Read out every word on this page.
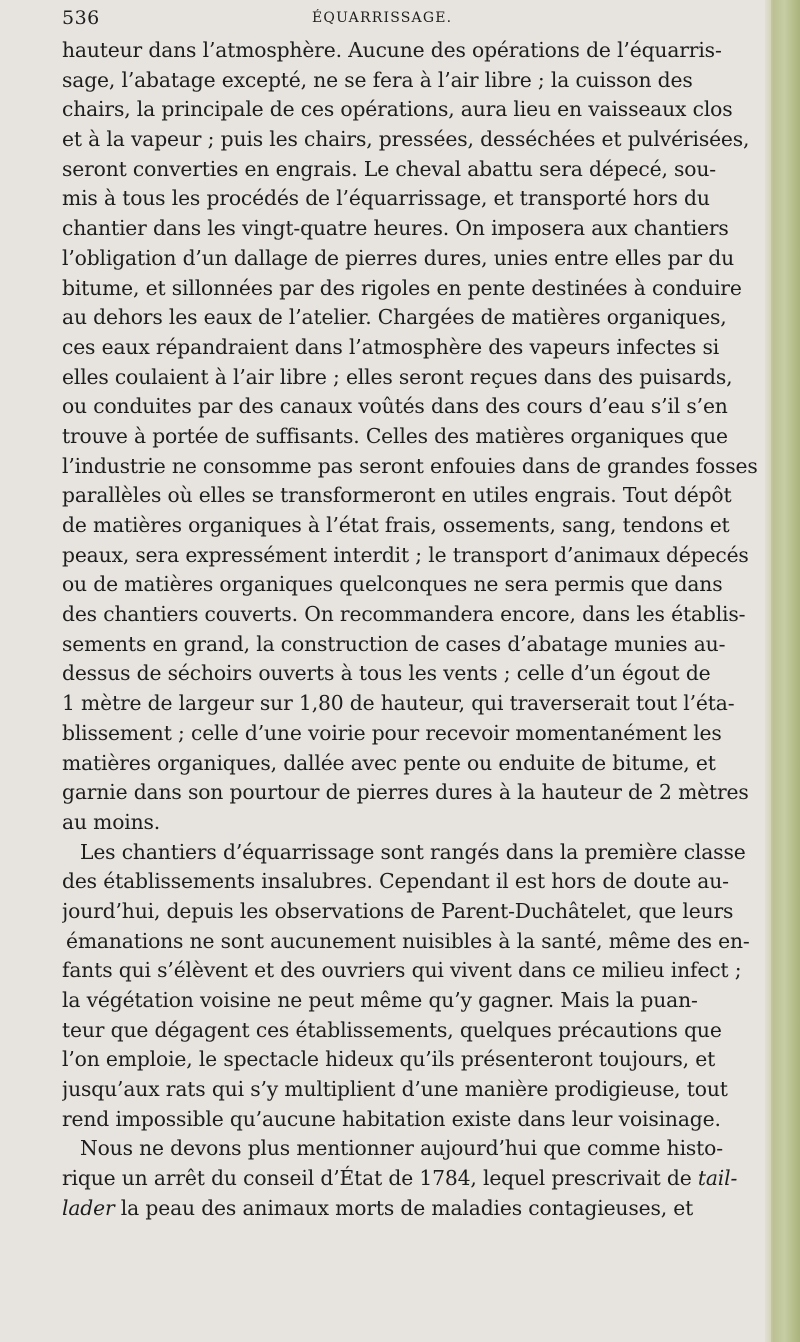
536	ÉQUARRISSAGE.
hauteur dans l’atmosphère. Aucune des opérations de l’équarris-
sage, l’abatage excepté, ne se fera à l’air libre ; la cuisson des
chairs, la principale de ces opérations, aura lieu en vaisseaux clos
et à la vapeur ; puis les chairs, pressées, desséchées et pulvérisées,
seront converties en engrais. Le cheval abattu sera dépecé, sou-
mis à tous les procédés de l’équarrissage, et transporté hors du
chantier dans les vingt-quatre heures. On imposera aux chantiers
l’obligation d’un dallage de pierres dures, unies entre elles par du
bitume, et sillonnées par des rigoles en pente destinées à conduire
au dehors les eaux de l’atelier. Chargées de matières organiques,
ces eaux répandraient dans l’atmosphère des vapeurs infectes si
elles coulaient à l’air libre ; elles seront reçues dans des puisards,
ou conduites par des canaux voûtés dans des cours d’eau s’il s’en
trouve à portée de suffisants. Celles des matières organiques que
l’industrie ne consomme pas seront enfouies dans de grandes fosses
parallèles où elles se transformeront en utiles engrais. Tout dépôt
de matières organiques à l’état frais, ossements, sang, tendons et
peaux, sera expressément interdit ; le transport d’animaux dépecés
ou de matières organiques quelconques ne sera permis que dans
des chantiers couverts. On recommandera encore, dans les établis-
sements en grand, la construction de cases d’abatage munies au-
dessus de séchoirs ouverts à tous les vents ; celle d’un égout de
1 mètre de largeur sur 1,80 de hauteur, qui traverserait tout l’éta-
blissement ; celle d’une voirie pour recevoir momentanément les
matières organiques, dallée avec pente ou enduite de bitume, et
garnie dans son pourtour de pierres dures à la hauteur de 2 mètres
au moins.
Les chantiers d’équarrissage sont rangés dans la première classe
des établissements insalubres. Cependant il est hors de doute au-
jourd’hui, depuis les observations de Parent-Duchâtelet, que leurs
émanations ne sont aucunement nuisibles à la santé, même des en-
fants qui s’élèvent et des ouvriers qui vivent dans ce milieu infect ;
la végétation voisine ne peut même qu’y gagner. Mais la puan-
teur que dégagent ces établissements, quelques précautions que
l’on emploie, le spectacle hideux qu’ils présenteront toujours, et
jusqu’aux rats qui s’y multiplient d’une manière prodigieuse, tout
rend impossible qu’aucune habitation existe dans leur voisinage.
Nous ne devons plus mentionner aujourd’hui que comme histo-
rique un arrêt du conseil d’État de 1784, lequel prescrivait de tail-
lader la peau des animaux morts de maladies contagieuses, et
